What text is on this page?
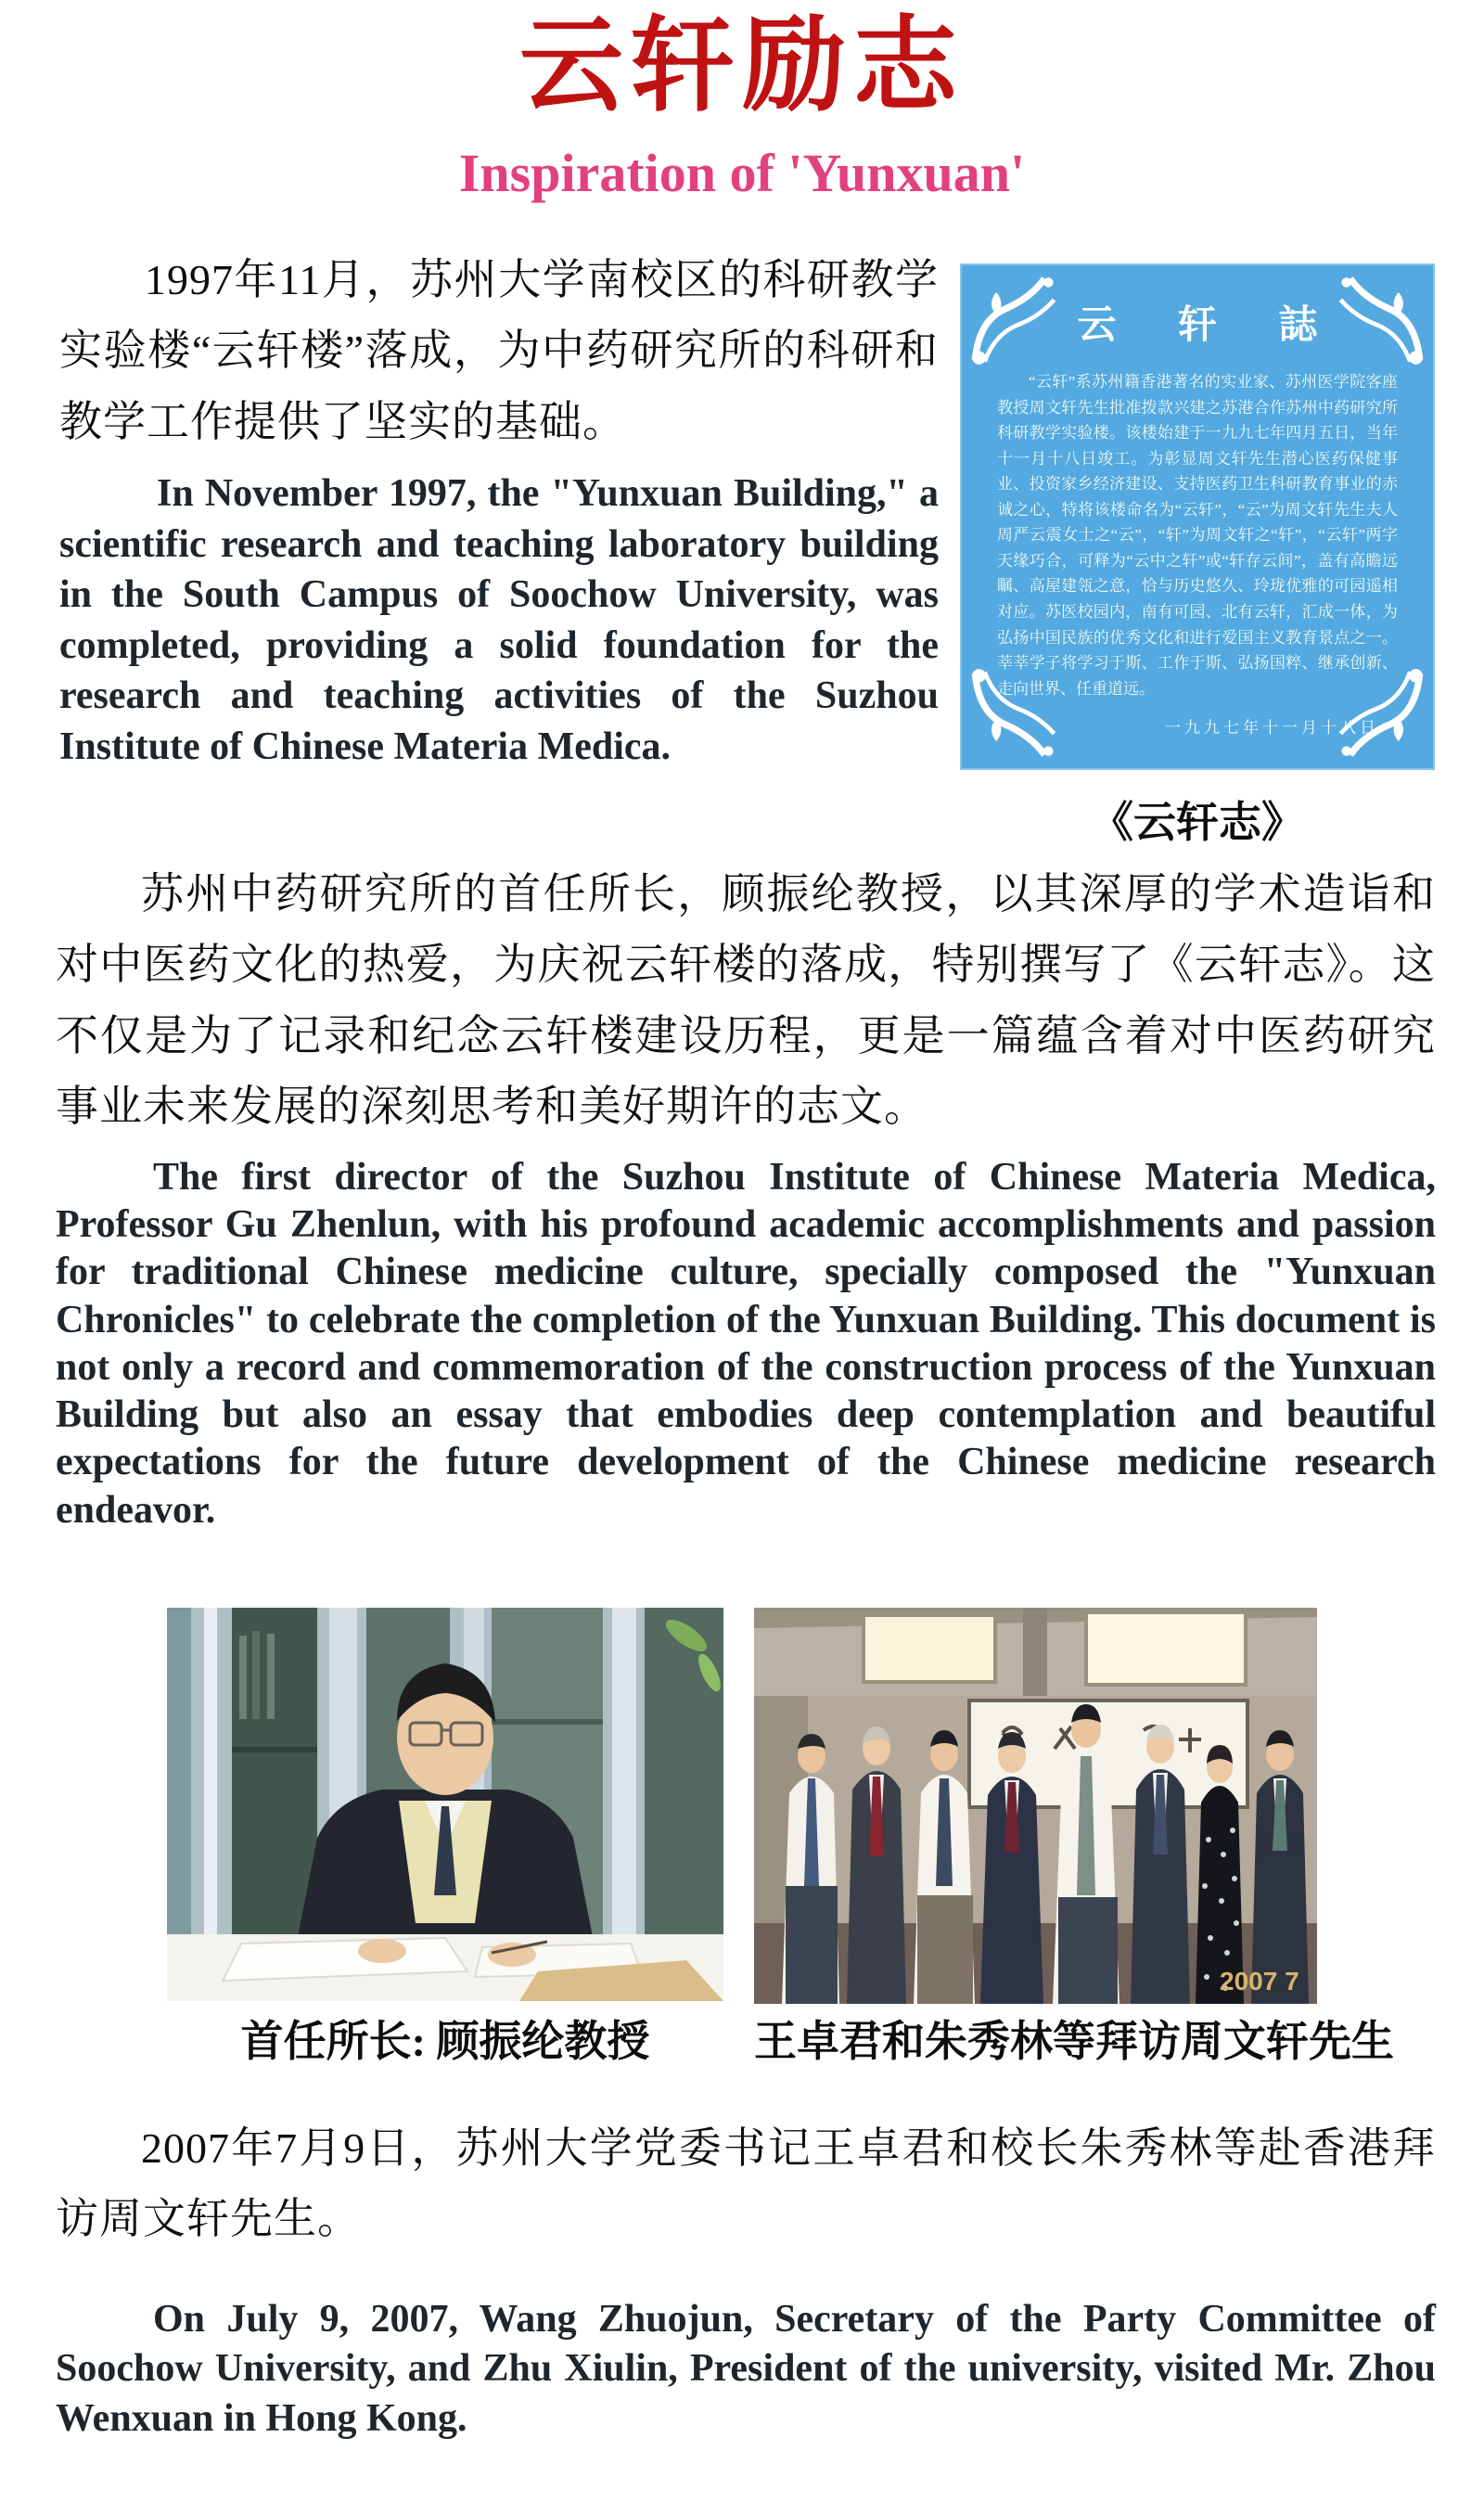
云轩励志
Inspiration of 'Yunxuan'
1997年11月，苏州大学南校区的科研教学实验楼“云轩楼”落成，为中药研究所的科研和教学工作提供了坚实的基础。
In November 1997, the "Yunxuan Building," a scientific research and teaching laboratory building in the South Campus of Soochow University, was completed, providing a solid foundation for the research and teaching activities of the Suzhou Institute of Chinese Materia Medica.
云 轩 誌
“云轩”系苏州籍香港著名的实业家、苏州医学院客座教授周文轩先生批准拨款兴建之苏港合作苏州中药研究所科研教学实验楼。该楼始建于一九九七年四月五日，当年十一月十八日竣工。为彰显周文轩先生潜心医药保健事业、投资家乡经济建设、支持医药卫生科研教育事业的赤诚之心，特将该楼命名为“云轩”，“云”为周文轩先生夫人周严云震女士之“云”，“轩”为周文轩之“轩”，“云轩”两字天缘巧合，可释为“云中之轩”或“轩存云间”，盖有高瞻远瞩、高屋建瓴之意，恰与历史悠久、玲珑优雅的可园遥相对应。苏医校园内，南有可园、北有云轩，汇成一体，为弘扬中国民族的优秀文化和进行爱国主义教育景点之一。莘莘学子将学习于斯、工作于斯、弘扬国粹、继承创新、走向世界、任重道远。
一九九七年十一月十八日
《云轩志》
苏州中药研究所的首任所长，顾振纶教授，以其深厚的学术造诣和对中医药文化的热爱，为庆祝云轩楼的落成，特别撰写了《云轩志》。这不仅是为了记录和纪念云轩楼建设历程，更是一篇蕴含着对中医药研究事业未来发展的深刻思考和美好期许的志文。
The first director of the Suzhou Institute of Chinese Materia Medica, Professor Gu Zhenlun, with his profound academic accomplishments and passion for traditional Chinese medicine culture, specially composed the "Yunxuan Chronicles" to celebrate the completion of the Yunxuan Building. This document is not only a record and commemoration of the construction process of the Yunxuan Building but also an essay that embodies deep contemplation and beautiful expectations for the future development of the Chinese medicine research endeavor.
2007 7
首任所长: 顾振纶教授	王卓君和朱秀林等拜访周文轩先生
2007年7月9日，苏州大学党委书记王卓君和校长朱秀林等赴香港拜访周文轩先生。
On July 9, 2007, Wang Zhuojun, Secretary of the Party Committee of Soochow University, and Zhu Xiulin, President of the university, visited Mr. Zhou Wenxuan in Hong Kong.
